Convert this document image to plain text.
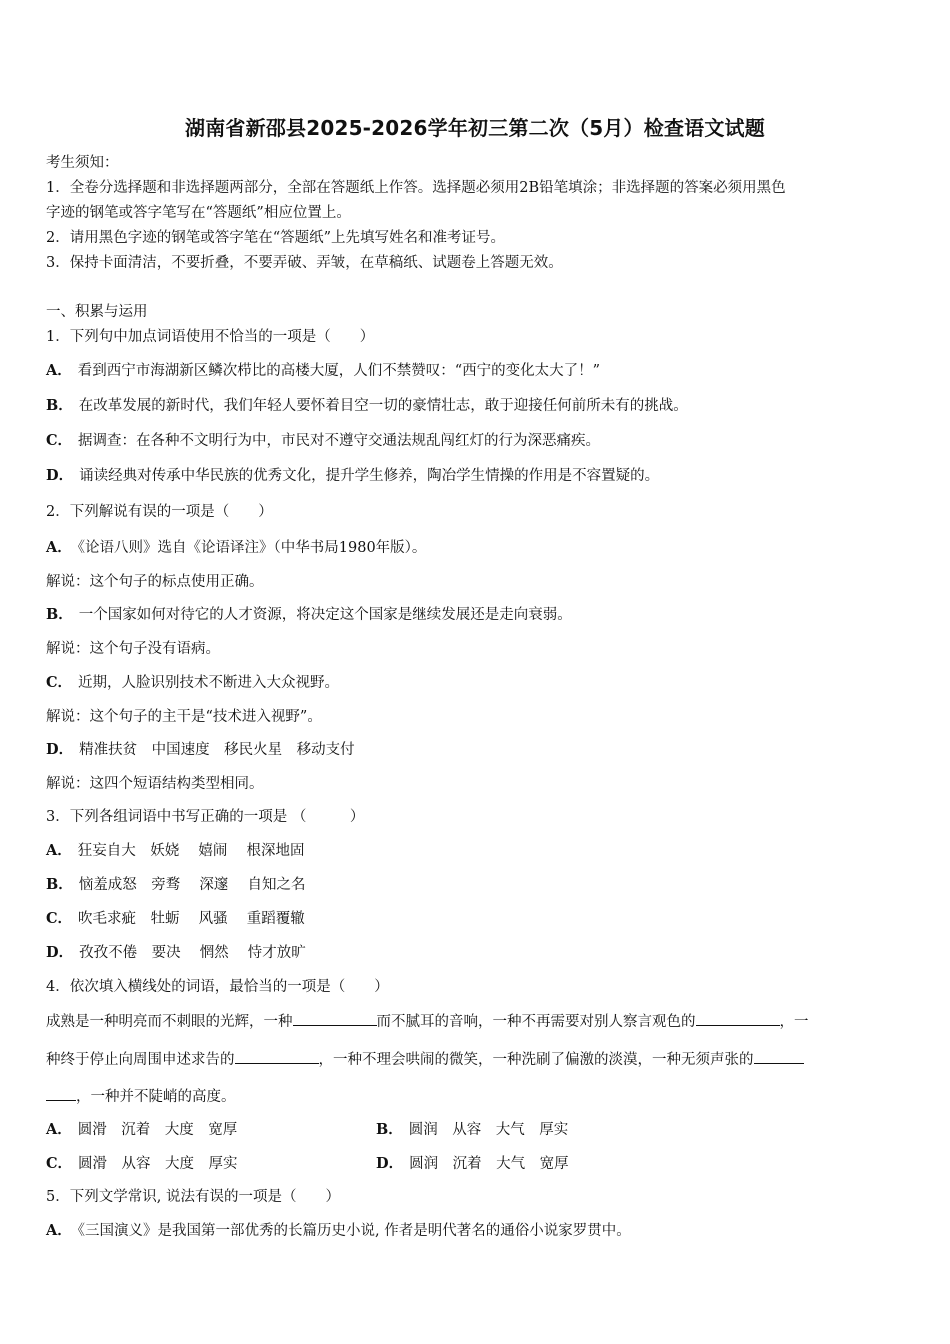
湖南省新邵县2025-2026学年初三第二次（5月）检查语文试题
考生须知：
1．全卷分选择题和非选择题两部分，全部在答题纸上作答。选择题必须用2B铅笔填涂；非选择题的答案必须用黑色
字迹的钢笔或答字笔写在“答题纸”相应位置上。
2．请用黑色字迹的钢笔或答字笔在“答题纸”上先填写姓名和准考证号。
3．保持卡面清洁，不要折叠，不要弄破、弄皱，在草稿纸、试题卷上答题无效。
一、积累与运用
1．下列句中加点词语使用不恰当的一项是（　　）
A． 看到西宁市海湖新区鳞次栉比的高楼大厦，人们不禁赞叹：“西宁的变化太大了！”
B． 在改革发展的新时代，我们年轻人要怀着目空一切的豪情壮志，敢于迎接任何前所未有的挑战。
C． 据调查：在各种不文明行为中，市民对不遵守交通法规乱闯红灯的行为深恶痛疾。
D． 诵读经典对传承中华民族的优秀文化，提升学生修养，陶冶学生情操的作用是不容置疑的。
2．下列解说有误的一项是（　　）
A． 《论语八则》选自《论语译注》（中华书局1980年版）。
解说：这个句子的标点使用正确。
B． 一个国家如何对待它的人才资源，将决定这个国家是继续发展还是走向衰弱。
解说：这个句子没有语病。
C． 近期，人脸识别技术不断进入大众视野。
解说：这个句子的主干是“技术进入视野”。
D． 精准扶贫　中国速度　移民火星　移动支付
解说：这四个短语结构类型相同。
3．下列各组词语中书写正确的一项是 （　　　）
A． 狂妄自大　妖娆　 嬉闹　 根深地固
B． 恼羞成怒　旁骛　 深邃　 自知之名
C． 吹毛求疵　牡蛎　 风骚　 重蹈覆辙
D． 孜孜不倦　要决　 惘然　 恃才放旷
4．依次填入横线处的词语，最恰当的一项是（　　）
成熟是一种明亮而不刺眼的光辉，一种	而不腻耳的音响，一种不再需要对别人察言观色的	，一
种终于停止向周围申述求告的	，一种不理会哄闹的微笑，一种洗刷了偏激的淡漠，一种无须声张的
，一种并不陡峭的高度。
A． 圆滑　沉着　大度　宽厚	B． 圆润　从容　大气　厚实
C． 圆滑　从容　大度　厚实	D． 圆润　沉着　大气　宽厚
5．下列文学常识, 说法有误的一项是（　　）
A． 《三国演义》是我国第一部优秀的长篇历史小说, 作者是明代著名的通俗小说家罗贯中。
